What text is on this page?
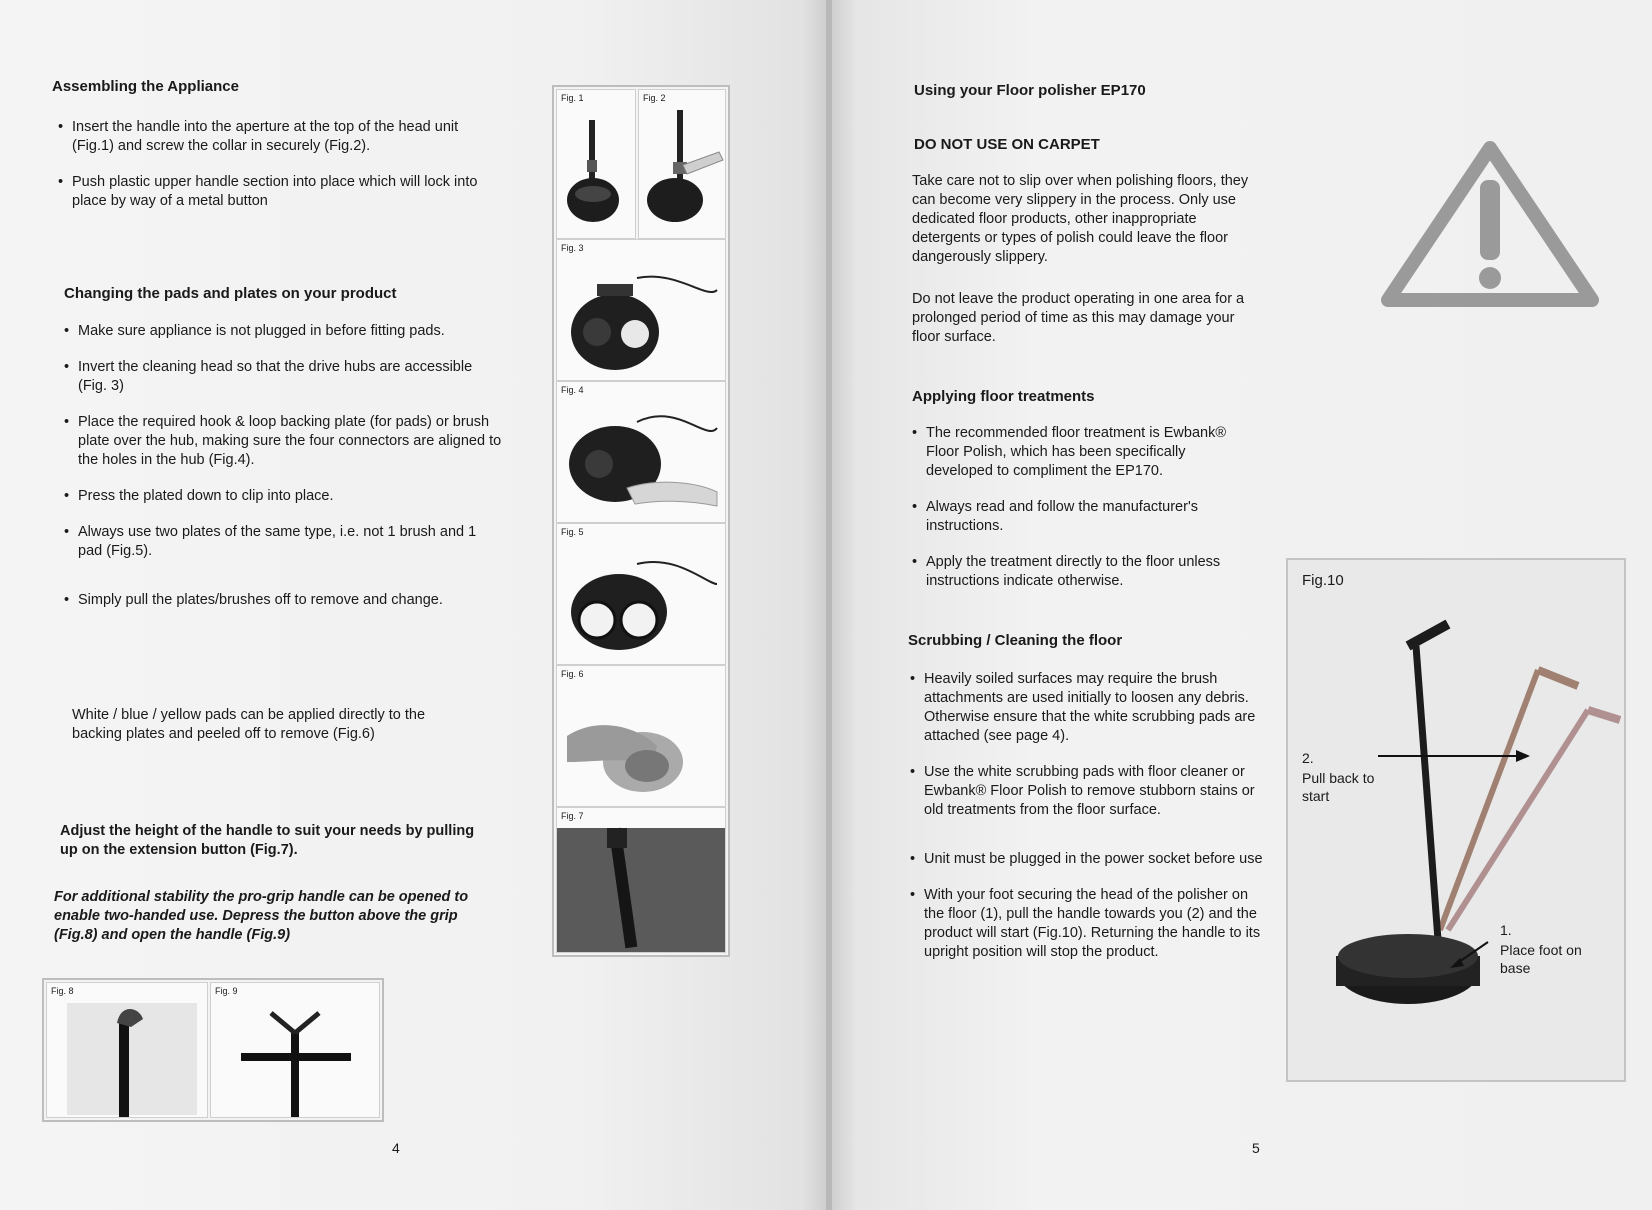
Assembling the Appliance
• Insert the handle into the aperture at the top of the head unit (Fig.1) and screw the collar in securely (Fig.2).
• Push plastic upper handle section into place which will lock into place by way of a metal button
Changing the pads and plates on your product
• Make sure appliance is not plugged in before fitting pads.
• Invert the cleaning head so that the drive hubs are accessible (Fig. 3)
• Place the required hook & loop backing plate (for pads) or brush plate over the hub, making sure the four connectors are aligned to the holes in the hub (Fig.4).
• Press the plated down to clip into place.
• Always use two plates of the same type, i.e. not 1 brush and 1 pad (Fig.5).
• Simply pull the plates/brushes off to remove and change.

White / blue / yellow pads can be applied directly to the backing plates and peeled off to remove (Fig.6)

Adjust the height of the handle to suit your needs by pulling up on the extension button (Fig.7).

For additional stability the pro-grip handle can be opened to enable two-handed use. Depress the button above the grip (Fig.8) and open the handle (Fig.9)

Fig. 1	Fig. 2
Fig. 3
Fig. 4
Fig. 5
Fig. 6
Fig. 7
Fig. 8	Fig. 9
4
Using your Floor polisher EP170
DO NOT USE ON CARPET

Take care not to slip over when polishing floors, they can become very slippery in the process. Only use dedicated floor products, other inappropriate detergents or types of polish could leave the floor dangerously slippery.

Do not leave the product operating in one area for a prolonged period of time as this may damage your floor surface.

Applying floor treatments
• The recommended floor treatment is Ewbank® Floor Polish, which has been specifically developed to compliment the EP170.
• Always read and follow the manufacturer's instructions.
• Apply the treatment directly to the floor unless instructions indicate otherwise.
Scrubbing / Cleaning the floor
• Heavily soiled surfaces may require the brush attachments are used initially to loosen any debris. Otherwise ensure that the white scrubbing pads are attached (see page 4).
• Use the white scrubbing pads with floor cleaner or Ewbank® Floor Polish to remove stubborn stains or old treatments from the floor surface.
• Unit must be plugged in the power socket before use
• With your foot securing the head of the polisher on the floor (1), pull the handle towards you (2) and the product will start (Fig.10). Returning the handle to its upright position will stop the product.
Fig.10
2.
Pull back to start
1.
Place foot on base
5
